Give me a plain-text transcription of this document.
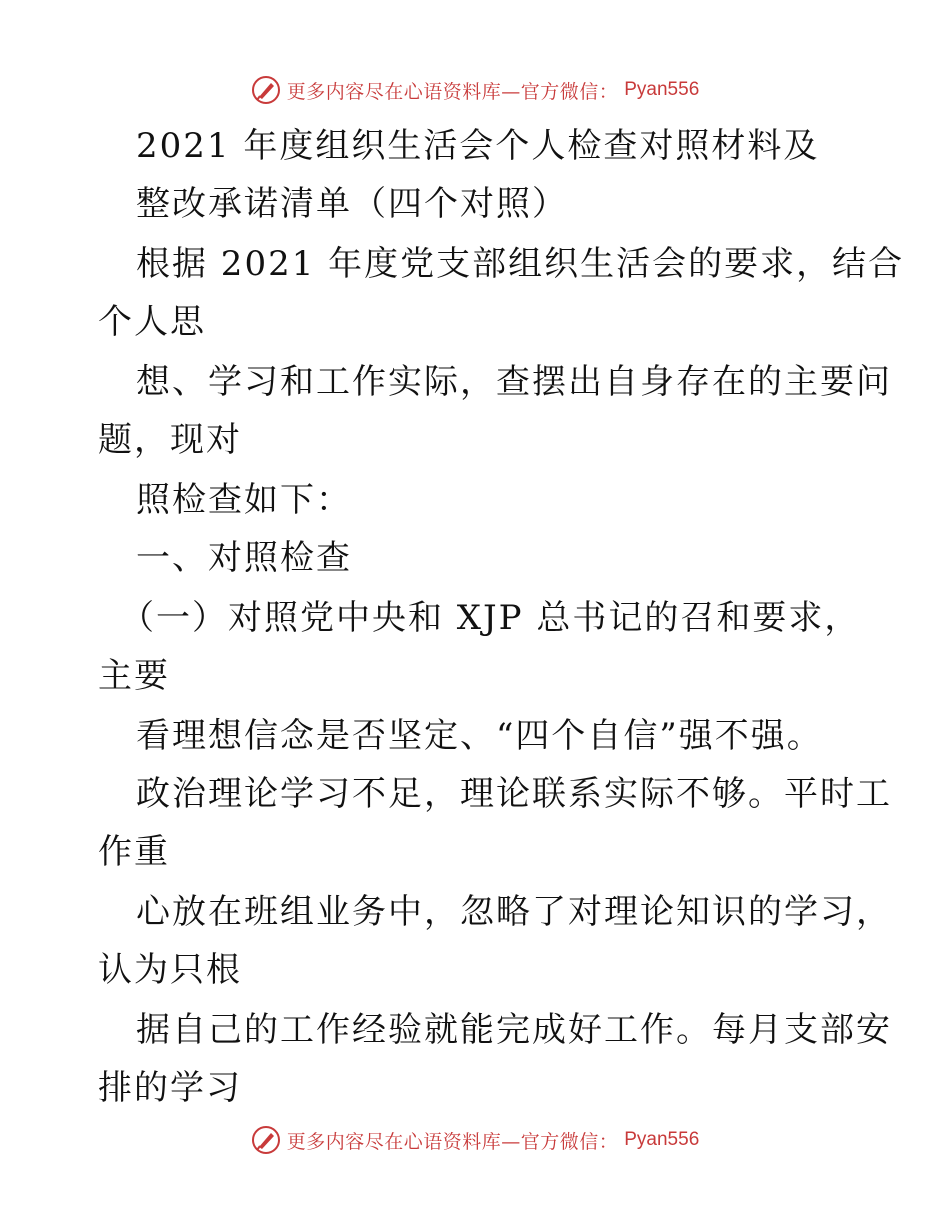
更多内容尽在心语资料库—官方微信： Pyan556
2021 年度组织生活会个人检查对照材料及
整改承诺清单（四个对照）
根据 2021 年度党支部组织生活会的要求，结合
个人思
想、学习和工作实际，查摆出自身存在的主要问
题，现对
照检查如下：
一、对照检查
（一）对照党中央和 XJP 总书记的召和要求，
主要
看理想信念是否坚定、“四个自信”强不强。
政治理论学习不足，理论联系实际不够。平时工
作重
心放在班组业务中，忽略了对理论知识的学习，
认为只根
据自己的工作经验就能完成好工作。每月支部安
排的学习
更多内容尽在心语资料库—官方微信： Pyan556
